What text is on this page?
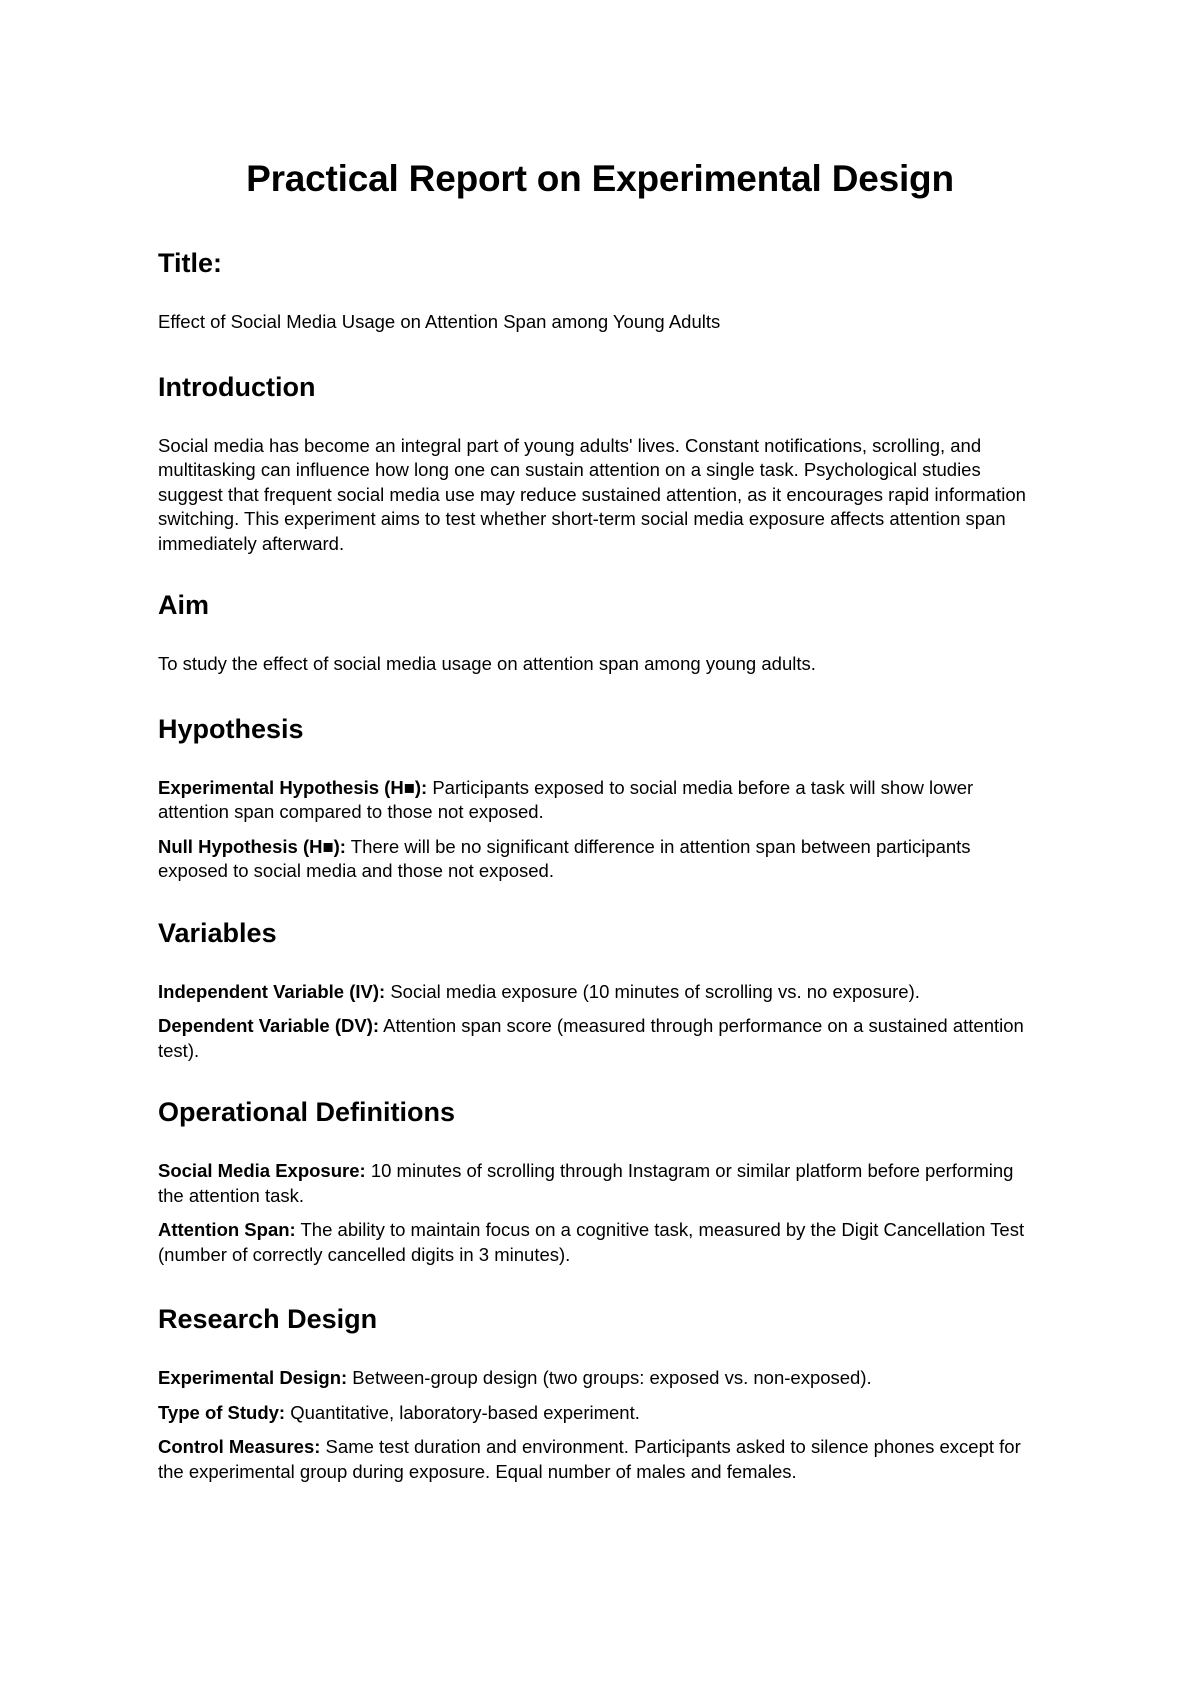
Practical Report on Experimental Design
Title:

Effect of Social Media Usage on Attention Span among Young Adults

Introduction

Social media has become an integral part of young adults' lives. Constant notifications, scrolling, and multitasking can influence how long one can sustain attention on a single task. Psychological studies suggest that frequent social media use may reduce sustained attention, as it encourages rapid information switching. This experiment aims to test whether short-term social media exposure affects attention span immediately afterward.

Aim

To study the effect of social media usage on attention span among young adults.

Hypothesis

Experimental Hypothesis (H■): Participants exposed to social media before a task will show lower attention span compared to those not exposed.

Null Hypothesis (H■): There will be no significant difference in attention span between participants exposed to social media and those not exposed.

Variables

Independent Variable (IV): Social media exposure (10 minutes of scrolling vs. no exposure).

Dependent Variable (DV): Attention span score (measured through performance on a sustained attention test).

Operational Definitions

Social Media Exposure: 10 minutes of scrolling through Instagram or similar platform before performing the attention task.

Attention Span: The ability to maintain focus on a cognitive task, measured by the Digit Cancellation Test (number of correctly cancelled digits in 3 minutes).

Research Design

Experimental Design: Between-group design (two groups: exposed vs. non-exposed).

Type of Study: Quantitative, laboratory-based experiment.

Control Measures: Same test duration and environment. Participants asked to silence phones except for the experimental group during exposure. Equal number of males and females.
